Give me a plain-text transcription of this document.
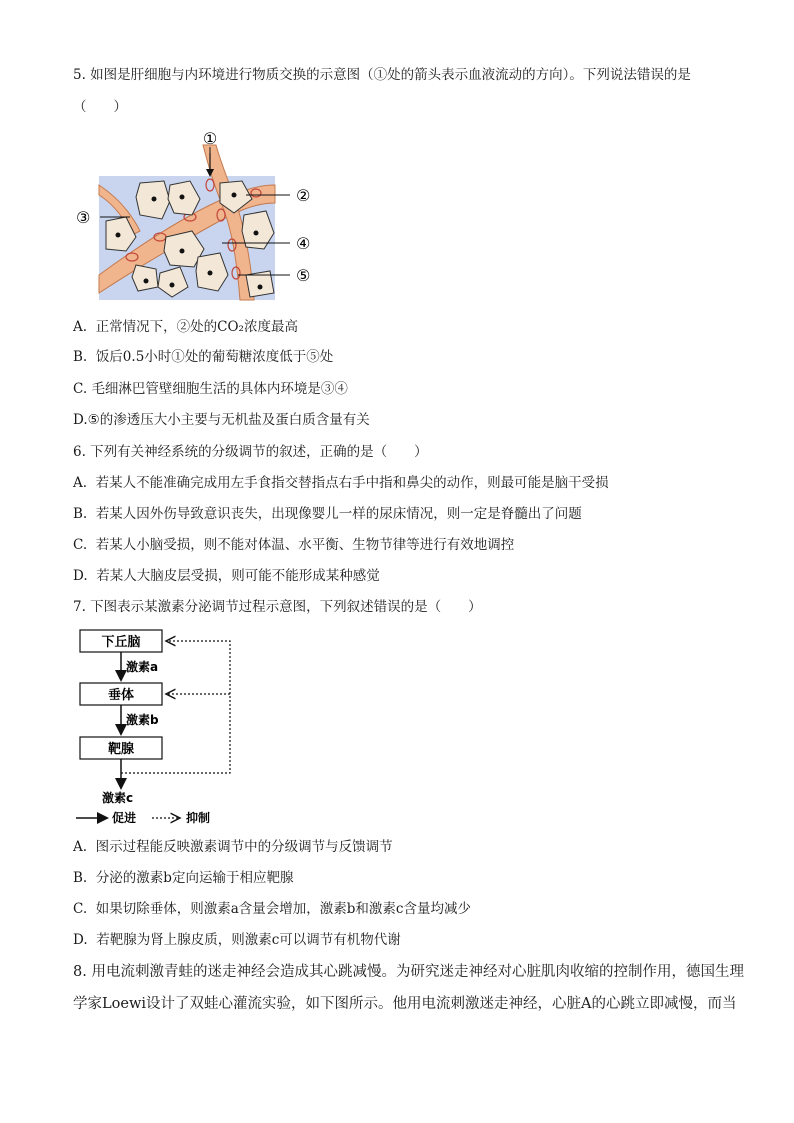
5. 如图是肝细胞与内环境进行物质交换的示意图（①处的箭头表示血液流动的方向）。下列说法错误的是
（　　）
①
②
③
④
⑤
A. 正常情况下，②处的CO₂浓度最高
B. 饭后0.5小时①处的葡萄糖浓度低于⑤处
C. 毛细淋巴管壁细胞生活的具体内环境是③④
D.⑤的渗透压大小主要与无机盐及蛋白质含量有关
6. 下列有关神经系统的分级调节的叙述，正确的是（　　）
A. 若某人不能准确完成用左手食指交替指点右手中指和鼻尖的动作，则最可能是脑干受损
B. 若某人因外伤导致意识丧失，出现像婴儿一样的尿床情况，则一定是脊髓出了问题
C. 若某人小脑受损，则不能对体温、水平衡、生物节律等进行有效地调控
D. 若某人大脑皮层受损，则可能不能形成某种感觉
7. 下图表示某激素分泌调节过程示意图，下列叙述错误的是（　　）
下丘脑
垂体
靶腺
激素a
激素b
激素c
促进	抑制
A. 图示过程能反映激素调节中的分级调节与反馈调节
B. 分泌的激素b定向运输于相应靶腺
C. 如果切除垂体，则激素a含量会增加，激素b和激素c含量均减少
D. 若靶腺为肾上腺皮质，则激素c可以调节有机物代谢
8. 用电流刺激青蛙的迷走神经会造成其心跳减慢。为研究迷走神经对心脏肌肉收缩的控制作用，德国生理
学家Loewi设计了双蛙心灌流实验，如下图所示。他用电流刺激迷走神经，心脏A的心跳立即减慢，而当
